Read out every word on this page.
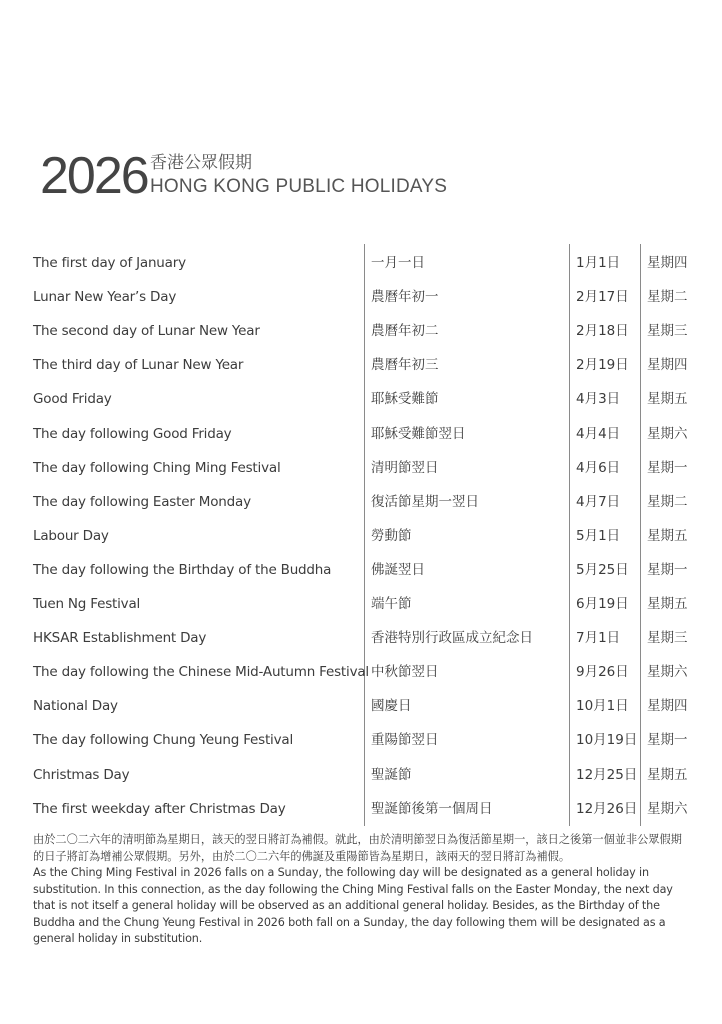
2026 香港公眾假期
HONG KONG PUBLIC HOLIDAYS
The first day of January	一月一日	1月1日 星期四
Lunar New Year’s Day	農曆年初一	2月17日 星期二
The second day of Lunar New Year	農曆年初二	2月18日 星期三
The third day of Lunar New Year	農曆年初三	2月19日 星期四
Good Friday	耶穌受難節	4月3日 星期五
The day following Good Friday	耶穌受難節翌日	4月4日 星期六
The day following Ching Ming Festival	清明節翌日	4月6日 星期一
The day following Easter Monday	復活節星期一翌日	4月7日 星期二
Labour Day	勞動節	5月1日 星期五
The day following the Birthday of the Buddha	佛誕翌日	5月25日 星期一
Tuen Ng Festival	端午節	6月19日 星期五
HKSAR Establishment Day	香港特別行政區成立紀念日	7月1日 星期三
The day following the Chinese Mid-Autumn Festival 中秋節翌日	9月26日 星期六
National Day	國慶日	10月1日 星期四
The day following Chung Yeung Festival	重陽節翌日	10月19日 星期一
Christmas Day	聖誕節	12月25日 星期五
The first weekday after Christmas Day	聖誕節後第一個周日	12月26日 星期六

由於二〇二六年的清明節為星期日，該天的翌日將訂為補假。就此，由於清明節翌日為復活節星期一，該日之後第一個並非公眾假期的日子將訂為增補公眾假期。另外，由於二〇二六年的佛誕及重陽節皆為星期日，該兩天的翌日將訂為補假。

As the Ching Ming Festival in 2026 falls on a Sunday, the following day will be designated as a general holiday in substitution. In this connection, as the day following the Ching Ming Festival falls on the Easter Monday, the next day that is not itself a general holiday will be observed as an additional general holiday. Besides, as the Birthday of the Buddha and the Chung Yeung Festival in 2026 both fall on a Sunday, the day following them will be designated as a general holiday in substitution.
